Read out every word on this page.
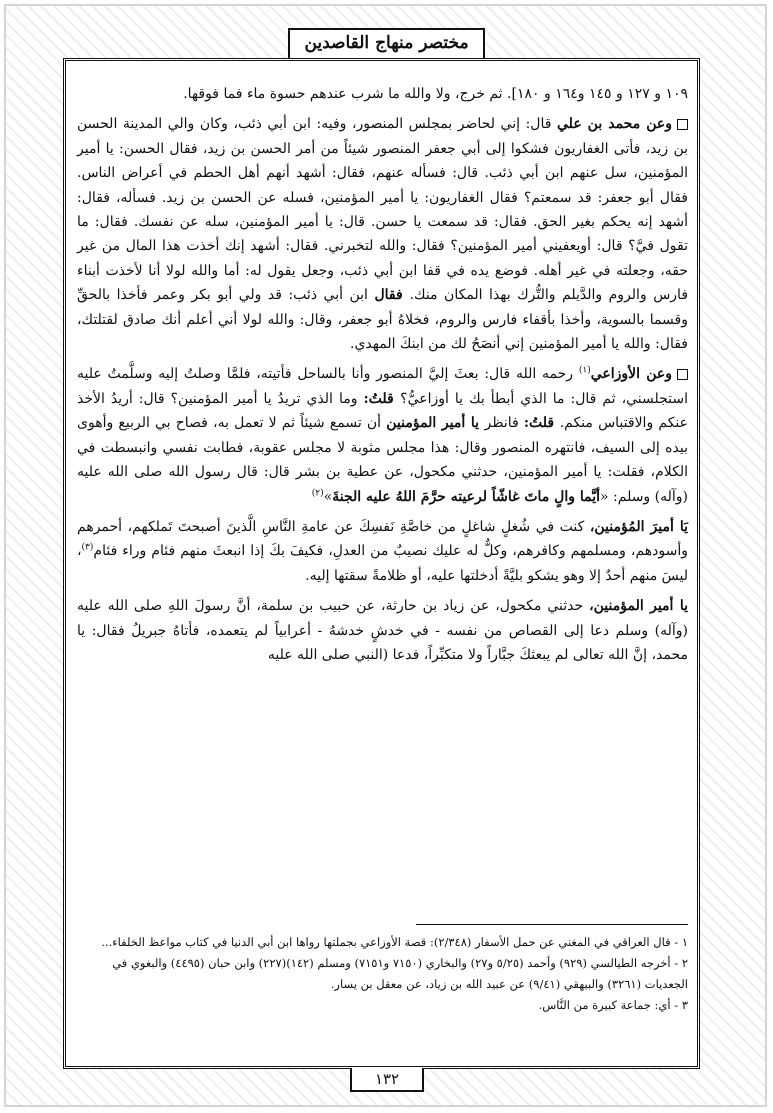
مختصر منهاج القاصدين

١٠٩ و ١٢٧ و ١٤٥ و١٦٤ و ١٨٠]. ثم خرج، ولا والله ما شرب عندهم حسوة ماء فما فوقها.

وعن محمد بن علي قال: إني لحاضر بمجلس المنصور، وفيه: ابن أبي ذئب، وكان والي المدينة الحسن بن زيد، فأتى الغفاريون فشكوا إلى أبي جعفر المنصور شيئاً من أمر الحسن بن زيد، فقال الحسن: يا أمير المؤمنين، سل عنهم ابن أبي ذئب. قال: فسأله عنهم، فقال: أشهد أنهم أهل الحطم في أعراض الناس. فقال أبو جعفر: قد سمعتم؟ فقال الغفاريون: يا أمير المؤمنين، فسله عن الحسن بن زيد. فسأله، فقال: أشهد إنه يحكم بغير الحق. فقال: قد سمعت يا حسن. قال: يا أمير المؤمنين، سله عن نفسك. فقال: ما تقول فيَّ؟ قال: أويعفيني أمير المؤمنين؟ فقال: والله لتخبرني. فقال: أشهد إنك أخذت هذا المال من غير حقه، وجعلته في غير أهله. فوضع يده في قفا ابن أبي ذئب، وجعل يقول له: أما والله لولا أنا لأخذت أبناء فارس والروم والدَّيلم والتُّرك بهذا المكان منك. فقال ابن أبي ذئب: قد ولي أبو بكر وعمر فأخذا بالحقِّ وقسما بالسوية، وأخذا بأقفاء فارس والروم، فخلاهُ أبو جعفر، وقال: والله لولا أني أعلم أنك صادق لقتلتك، فقال: والله يا أمير المؤمنين إني أنصَحُ لك من ابنكَ المهدي.

وعن الأوزاعي$^{(١)}$ رحمه الله قال: بعثَ إليَّ المنصور وأنا بالساحل فأتيته، فلمَّا وصلتُ إليه وسلَّمتُ عليه استجلسني، ثم قال: ما الذي أبطأ بك يا أوزاعيُّ؟ قلتُ: وما الذي تريدُ يا أمير المؤمنين؟ قال: أريدُ الأخذ عنكم والاقتباس منكم. قلتُ: فانظر يا أمير المؤمنين أن تسمع شيئاً ثم لا تعمل به، فصاح بي الربيع وأهوى بيده إلى السيف، فانتهره المنصور وقال: هذا مجلس مثوبة لا مجلس عقوبة، فطابت نفسي وانبسطت في الكلام، فقلت: يا أمير المؤمنين، حدثني مكحول، عن عطية بن بشر قال: قال رسول الله صلى الله عليه (وآله) وسلم: «أيَّما والٍ ماتَ غاشّاً لرعيته حرَّمَ اللهُ عليه الجنةَ»$^{(٢)}$

يَا أميرَ المُؤمنين، كنت في شُغلٍ شاغلٍ من خاصَّةِ نَفسِكَ عن عامةِ النَّاسِ الَّذينَ أصبحتَ تَملكهم، أحمرهم وأسودهم، ومسلمهم وكافرهم، وكلٌّ له عليك نصيبٌ من العدلِ، فكيفَ بكَ إذا انبعثَ منهم فئام وراء فئام$^{(٣)}$، ليسَ منهم أحدٌ إلا وهو يشكو بليَّةً أدخلتها عليه، أو ظلامةً سقتها إليه.

يا أمير المؤمنين، حدثني مكحول، عن زياد بن حارثة، عن حبيب بن سلمة، أنَّ رسولَ اللهِ صلى الله عليه (وآله) وسلم دعا إلى القصاص من نفسه - في خدشٍ خدشهُ - أعرابياً لم يتعمده، فأتاهُ جبريلُ فقال: يا محمد، إنَّ الله تعالى لم يبعثكَ جبَّاراً ولا متكبِّراً، فدعا (النبي صلى الله عليه

١ - قال العراقي في المغني عن حمل الأسفار (٢/٣٤٨): قصة الأوزاعي بجملتها رواها ابن أبي الدنيا في كتاب مواعظ الخلفاء...
٢ - أخرجه الطيالسي (٩٢٩) وأحمد (٥/٢٥ و٢٧) والبخاري (٧١٥٠ و٧١٥١) ومسلم (١٤٢)(٢٢٧) وابن حبان (٤٤٩٥) والبغوي في الجعديات (٣٢٦١) والبيهقي (٩/٤١) عن عبيد الله بن زياد، عن معقل بن يسار.
٣ - أي: جماعة كبيرة من النَّاس.
١٣٢
